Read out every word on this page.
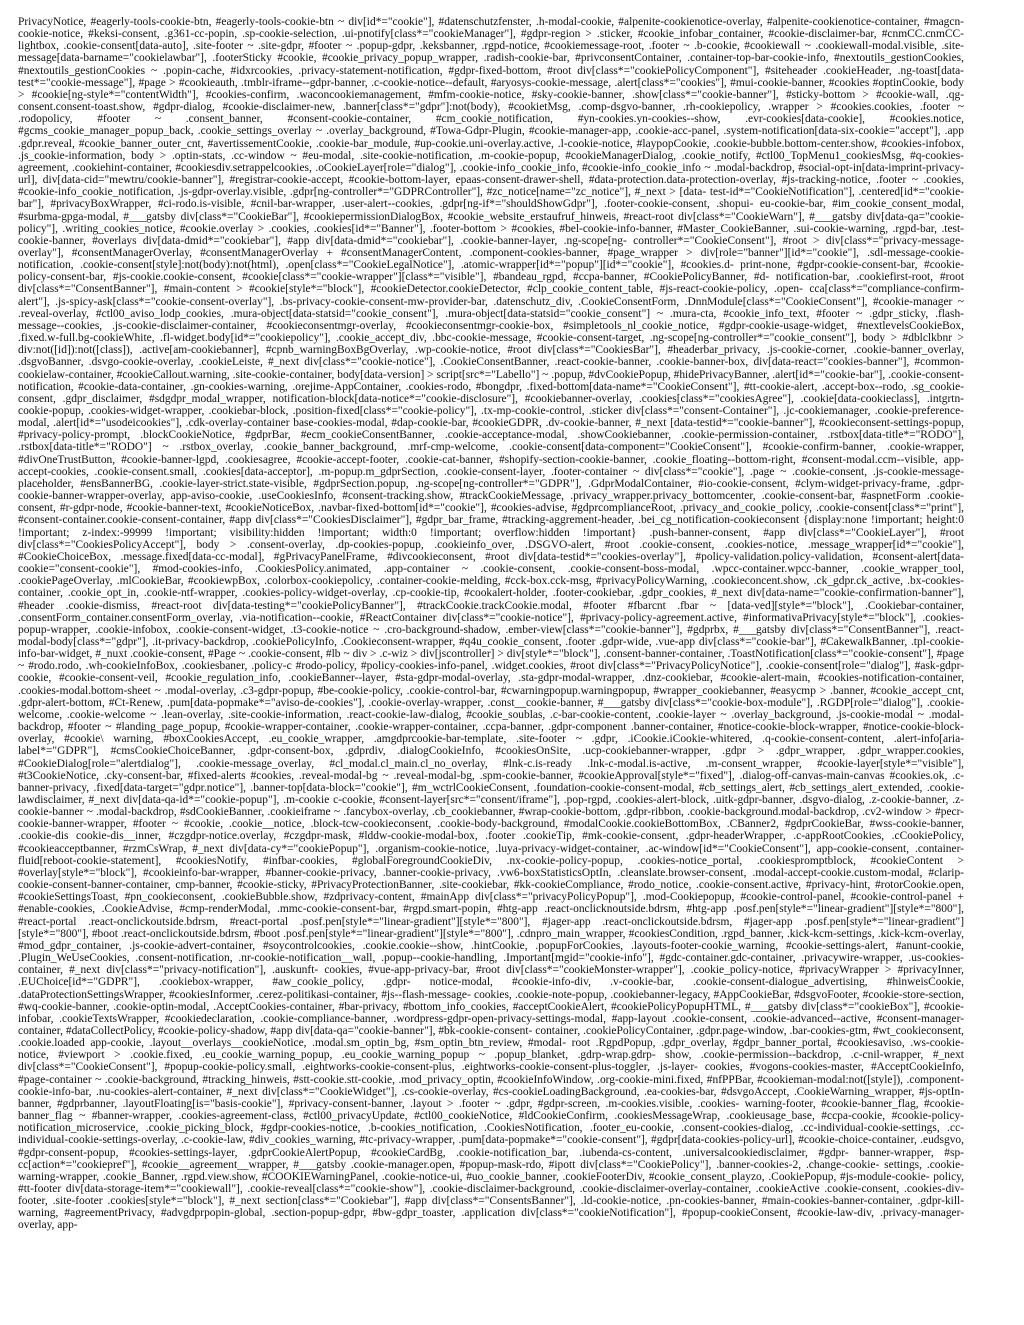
PrivacyNotice, #eagerly-tools-cookie-btn, #eagerly-tools-cookie-btn ~ div[id*="cookie"], #datenschutzfenster, .h-modal-cookie, #alpenite-cookienotice-overlay, #alpenite-cookienotice-container, #magcn-cookie-notice, #keksi-consent, .g361-cc-popin, .sp-cookie-selection, .ui-pnotify[class*="cookieManager"], #gdpr-region > .sticker, #cookie_infobar_container, #cookie-disclaimer-bar, #cnmCC.cnmCC-lightbox, .cookie-consent[data-auto], .site-footer ~ .site-gdpr, #footer ~ .popup-gdpr, .keksbanner, .rgpd-notice, #cookiemessage-root, .footer ~ .b-cookie, #cookiewall ~ .cookiewall-modal.visible, .site-message[data-barname="cookielawbar"], .footerSticky #cookie, #cookie_privacy_popup_wrapper, .radish-cookie-bar, #privconsentContainer, .container-top-bar-cookie-info, #nextoutils_gestionCookies, #nextoutils_gestionCookies ~ .popin-cache, #idxrcookies, .privacy-statement-notification, #gdpr-fixed-bottom, #root div[class*="cookiePolicyComponent"], #siteheader .cookieHeader, .ng-toast[data-test*="cookie-message"], #page > #cookieauth, .tmblr-iframe--gdpr-banner, .c-cookie-notice--default, #aryosys-cookie-message, .alert[class*="cookies"], #mui-cookie-banner, #cookies #optinCookie, body > #cookie[ng-style*="contentWidth"], #cookies-confirm, .waconcookiemanagement, #mfm-cookie-notice, #sky-cookie-banner, .show[class*="cookie-banner"], #sticky-bottom > #cookie-wall, .qg-consent.consent-toast.show, #gdpr-dialog, #cookie-disclaimer-new, .banner[class*="gdpr"]:not(body), #cookietMsg, .comp-dsgvo-banner, .rh-cookiepolicy, .wrapper > #cookies.cookies, .footer ~ .rodopolicy, #footer ~ .consent_banner, #consent-cookie-container, #cm_cookie_notification, #yn-cookies.yn-cookies--show, .evr-cookies[data-cookie], #cookies.notice, #gcms_cookie_manager_popup_back, .cookie_settings_overlay ~ .overlay_background, #Towa-Gdpr-Plugin, #cookie-manager-app, .cookie-acc-panel, .system-notification[data-six-cookie="accept"], .app .gdpr.reveal, #cookie_banner_outer_cnt, #avertissementCookie, .cookie-bar_module, #up-cookie.uni-overlay.active, .l-cookie-notice, #laypopCookie, .cookie-bubble.bottom-center.show, #cookies-infobox, .js_cookie-information, body > .optin-stats, .cc-window ~ #eu-modal, .site-cookie-notification, .m-cookie-popup, #cookieManagerDialog, .cookie_notify, #ctl00_TopMenu1_cookiesMsg, #q-cookies-agreement, .cookiehint-container, #cookiesdiv.setrappelcookies, .oCookieLayer[role="dialog"], .cookie-info_cookie_info, #cookie-info_cookie_info ~ .modal-backdrop, #social-opt-in[data-imprint-privacy-url], div[data-cid="mewtru/cookie-banner"], #registrar-cookie-accept, #cookie-bottom-layer, epaas-consent-drawer-shell, #data-protection.data-protection-overlay, #js-tracking-notice, .footer ~ .cookies, #cookie-info_cookie_notification, .js-gdpr-overlay.visible, .gdpr[ng-controller*="GDPRController"], #zc_notice[name="zc_notice"], #_next > [data- test-id*="CookieNotification"], .centered[id*="cookie-bar"], #privacyBoxWrapper, #ci-rodo.is-visible, #cnil-bar-wrapper, .user-alert--cookies, .gdpr[ng-if*="shouldShowGdpr"], .footer-cookie-consent, .shopui- eu-cookie-bar, #im_cookie_consent_modal, #surbma-gpga-modal, #___gatsby div[class*="CookieBar"], #cookiepermissionDialogBox, #cookie_website_erstaufruf_hinweis, #react-root div[class*="CookieWarn"], #___gatsby div[data-qa="cookie-policy"], .writing_cookies_notice, #cookie.overlay > .cookies, .cookies[id*="Banner"], .footer-bottom > #cookies, #bel-cookie-info-banner, #Master_CookieBanner, .sui-cookie-warning, .rgpd-bar, .test-cookie-banner, #overlays div[data-dmid*="cookiebar"], #app div[data-dmid*="cookiebar"], .cookie-banner-layer, .ng-scope[ng- controller*="CookieConsent"], #root > div[class*="privacy-message-overlay"], #consentManagerOverlay, #consentManagerOverlay + #consentManagerContent, .component-cookies-banner, #page_wrapper > div[role="banner"][id*="cookie"], .sdl-message-cookie-notification, .cookie-consent[style]:not(body):not(html), .open[class*="CookieLegalNotice"], .atomic-wrapper[id*="popup"][id*="cookie"], #cookies.d- print-none, #gdpr-cookie-consent-bar, #cookie-policy-consent-bar, #js-cookie.cookie-consent, #cookie[class*="cookie-wrapper"][class*="visible"], #bandeau_rgpd, #ccpa-banner, #CookiePolicyBanner, #d- notification-bar, .cookiefirst-root, #root div[class*="ConsentBanner"], #main-content > #cookie[style*="block"], #cookieDetector.cookieDetector, #clp_cookie_content_table, #js-react-cookie-policy, .open- cca[class*="compliance-confirm-alert"], .js-spicy-ask[class*="cookie-consent-overlay"], .bs-privacy-cookie-consent-mw-provider-bar, .datenschutz_div, .CookieConsentForm, .DnnModule[class*="CookieConsent"], #cookie-manager ~ .reveal-overlay, #ctl00_aviso_lodp_cookies, .mura-object[data-statsid="cookie_consent"], .mura-object[data-statsid="cookie_consent"] ~ .mura-cta, #cookie_info_text, #footer ~ .gdpr_sticky, .flash-message--cookies, .js-cookie-disclaimer-container, #cookieconsentmgr-overlay, #cookieconsentmgr-cookie-box, #simpletools_nl_cookie_notice, #gdpr-cookie-usage-widget, #nextlevelsCookieBox, .fixed.w-full.bg-cookieWhite, .fl-widget.body[id*="cookiepolicy"], .cookie_accept_div, .bbc-cookie-message, #cookie-consent-target, .ng-scope[ng-controller*="cookie_consent"], body > #dblclkbnr > div:not([id]):not([class]), .active[am-cookiebanner], #cpnb_warningBoxBgOverlay, .wp-cookie-notice, #root div[class*="CookiesBar"], #headerbar_privacy, .js-cookie-corner, .cookie-banner_overlay, .dsgvoBanner, .dsvgo-cookie-overlay, .cookieLeiste, #_next div[class*="cookie-notice"], .CookieConsentBanner, .react-cookie-banner, .cookie-banner-box, div[data-react="cookies-banner"], #common-cookielaw-container, #cookieCallout.warning, .site-cookie-container, body[data-version] > script[src*="Labello"] ~ .popup, #dvCookiePopup, #hidePrivacyBanner, .alert[id*="cookie-bar"], .cookie-consent-notification, #cookie-data-container, .gn-cookies-warning, .orejime-AppContainer, .cookies-rodo, #bongdpr, .fixed-bottom[data-name*="CookieConsent"], #tt-cookie-alert, .accept-box--rodo, .sg_cookie-consent, .gdpr_disclaimer, #sdgdpr_modal_wrapper, notification-block[data-notice*="cookie-disclosure"], #cookiebanner-overlay, .cookies[class*="cookiesAgree"], .cookie[data-cookieclass], .intgrtn-cookie-popup, .cookies-widget-wrapper, .cookiebar-block, .position-fixed[class*="cookie-policy"], .tx-mp-cookie-control, .sticker div[class*="consent-Container"], .jc-cookiemanager, .cookie-preference-modal, .alert[id*="usodeicookies"], .cdk-overlay-container base-cookies-modal, #dap-cookie-bar, #cookieGDPR, .dv-cookie-banner, #_next [data-testid*="cookie-banner"], #cookieconsent-settings-popup, #privacy-policy-prompt, .blockCookieNotice, #gdprBar, #ecm_cookieConsentBanner, .cookie-acceptance-modal, .showCookiebanner, .cookie-permission-container, .rstbox[data-title*="RODO"], .rstbox[data-title*="RODO"] ~ .rstbox_overlay, .cookie_banner_background, .mrf-cmp-welcome, .cookie-consent[data-component="CookieConsent"], #cookie-confirm-banner, .cookie-wrapper, #divOneTrustButton, #cookie-banner-lgpd, .cookiesagree, #cookie-accept-footer, .cookie-cat-banner, #shopify-section-cookie-banner, .cookie_floating--bottom-right, #consent-modal.ccm--visible, app-accept-cookies, .cookie-consent.small, .cookies[data-acceptor], .m-popup.m_gdprSection, .cookie-consent-layer, .footer-container ~ div[class*="cookie"], .page ~ .cookie-consent, .js-cookie-message-placeholder, #ensBannerBG, .cookie-layer-strict.state-visible, #gdprSection.popup, .ng-scope[ng-controller*="GDPR"], .GdprModalContainer, #io-cookie-consent, #clym-widget-privacy-frame, .gdpr-cookie-banner-wrapper-overlay, app-aviso-cookie, .useCookiesInfo, #consent-tracking.show, #trackCookieMessage, .privacy_wrapper.privacy_bottomcenter, .cookie-consent-bar, #aspnetForm .cookie-consent, #r-gdpr-node, #cookie-banner-text, #cookieNoticeBox, .navbar-fixed-bottom[id*="cookie"], #cookies-advise, #gdprcomplianceRoot, .privacy_and_cookie_policy, .cookie-consent[class*="print"], #consent-container.cookie-consent-container, #app div[class*="CookiesDisclaimer"], #gdpr_bar_frame, #tracking-aggrement-header, .bei_cg_notification-cookieconsent {display:none !important; height:0 !important; z-index:-99999 !important; visibility:hidden !important; width:0 !important; overflow:hidden !important} .push-banner-consent, #app div[class*="CookieLayer"], #root div[class*="CookiesPolicyAccept"], body > .consent-overlay, .dp-cookies-popup, .cookieinfo_over, .DSGVO-alert, #root .cookie-consent, .cookies-notice, .message_wrapper[id*="cookie"], #CookieChoiceBox, .message.fixed[data-cc-modal], #gPrivacyPanelFrame, #divcookieconsent, #root div[data-testid*="cookies-overlay"], #policy-validation.policy-validation, #consent-alert[data-cookie="consent-cookie"], #mod-cookies-info, .CookiesPolicy.animated, .app-container ~ .cookie-consent, .cookie-consent-boss-modal, .wpcc-container.wpcc-banner, .cookie_wrapper_tool, .cookiePageOverlay, .mlCookieBar, #cookiewpBox, .colorbox-cookiepolicy, .container-cookie-melding, #cck-box.cck-msg, #privacyPolicyWarning, .cookieconcent.show, .ck_gdpr.ck_active, .bx-cookies-container, .cookie_opt_in, .cookie-ntf-wrapper, .cookies-policy-widget-overlay, .cp-cookie-tip, #cookalert-holder, .footer-cookiebar, .gdpr_cookies, #_next div[data-name="cookie-confirmation-banner"], #header .cookie-dismiss, #react-root div[data-testing*="cookiePolicyBanner"], #trackCookie.trackCookie.modal, #footer #fbarcnt .fbar ~ [data-ved][style*="block"], .Cookiebar-container, .consentForm_container.consentForm_overlay, .via-notification--cookie, #ReactContainer div[class*="cookie-notice"], #privacy-policy-agreement.active, #informativaPrivacy[style*="block"], .cookies-popup-wrapper, .cookie-infobox, .cookie-consent-widget, .t3-cookie-notice ~ .cro-background-shadow, .ember-view[class*="cookie-banner"], #gdprbx, #___gatsby div[class*="ConsentBanner"], .react-modal-body[class*="gdpr"], .it-privacy-backdrop, .cookiePolicyInfo, .Cookieconsent-wrapper, #q4u_cookie_consent, .footer .gdpr-wide, .vue-app div[class*="cookie-bar"], #CakewalkBanner, .tpl-cookie-info-bar-widget, #_nuxt .cookie-consent, #Page ~ .cookie-consent, #lb ~ div > .c-wiz > div[jscontroller] > div[style*="block"], .consent-banner-container, .ToastNotification[class*="cookie-consent"], #page ~ #rodo.rodo, .wh-cookieInfoBox, .cookiesbaner, .policy-c #rodo-policy, #policy-cookies-info-panel, .widget.cookies, #root div[class*="PrivacyPolicyNotice"], .cookie-consent[role="dialog"], #ask-gdpr-cookie, #cookie-consent-veil, #cookie_regulation_info, .cookieBanner--layer, #sta-gdpr-modal-overlay, .sta-gdpr-modal-wrapper, .dnz-cookiebar, #cookie-alert-main, #cookies-notification-container, .cookies-modal.bottom-sheet ~ .modal-overlay, .c3-gdpr-popup, #be-cookie-policy, .cookie-control-bar, #cwarningpopup.warningpopup, #wrapper_cookiebanner, #easycmp > .banner, #cookie_accept_cnt, .gdpr-alert-bottom, #Ct-Renew, .pum[data-popmake*="aviso-de-cookies"], .cookie-overlay-wrapper, .const__cookie-banner, #___gatsby div[class*="cookie-box-module"], .RGDP[role="dialog"], .cookie-welcome, .cookie-welcome ~ .lean-overlay, .site-cookie-information, .react-cookie-law-dialog, #cookie_soublas, .c-bar-cookie-content, .cookie-layer ~ .overlay_background, .js-cookie-modal ~ .modal-backdrop, #footer ~ #landing_page_popup, #cookie-wrapper-container, .cookie-wrapper-container, .ccpa-banner, .gdpr-component .banner-container, #notice-cookie-block-wrapper, #notice-cookie-block-overlay, #cookie\ warning, #boxCookiesAccept, .eu_cookie_wrapper, .amgdprcookie-bar-template, .site-footer ~ .gdpr, .iCookie.iCookie-whitered, .q-cookie-consent-content, .alert-info[aria-label*="GDPR"], #cmsCookieChoiceBanner, .gdpr-consent-box, .gdprdiv, .dialogCookieInfo, #cookiesOnSite, .ucp-cookiebanner-wrapper, .gdpr > .gdpr_wrapper, .gdpr_wrapper.cookies, #CookieDialog[role="alertdialog"], .cookie-message_overlay, #cl_modal.cl_main.cl_no_overlay, #lnk-c.is-ready .lnk-c-modal.is-active, .m-consent_wrapper, #cookie-layer[style*="visible"], #t3CookieNotice, .cky-consent-bar, #fixed-alerts #cookies, .reveal-modal-bg ~ .reveal-modal-bg, .spm-cookie-banner, #cookieApproval[style*="fixed"], .dialog-off-canvas-main-canvas #cookies.ok, .c-banner-privacy, .fixed[data-target="gdpr.notice"], .banner-top[data-block="cookie"], #m_wctrlCookieConsent, .foundation-cookie-consent-modal, #cb_settings_alert, #cb_settings_alert_extended, .cookie-lawdisclaimer, #_next div[data-qa-id*="cookie-popup"], .m-cookie c-cookie, #consent-layer[src*="consent/iframe"], .pop-rgpd, .cookies-alert-block, .uitk-gdpr-banner, .dsgvo-dialog, .z-cookie-banner, .z-cookie-banner ~ .modal-backdrop, #sdCookieBanner, .cookieiframe ~ .fancybox-overlay, .cb_cookiebanner, #wrap-cookie-bottom, .gdpr-ribbon, .cookie-background.modal-backdrop, .cv2-window > #pecr-cookie-banner-wrapper, #footer ~ #cookie, .cookie__notice, .block-tcw-cookieconsent, .cookie-body-background, #modalCookie.cookieBottomBox, .CBanner2, #gdprCookieBar, #wss-cookie-banner, .cookie-dis cookie-dis__inner, #czgdpr-notice.overlay, #czgdpr-mask, #lddw-cookie-modal-box, .footer .cookieTip, #mk-cookie-consent, .gdpr-headerWrapper, .c-appRootCookies, .cCookiePolicy, #cookieacceptbanner, #rzmCsWrap, #_next div[data-cy*="cookiePopup"], .organism-cookie-notice, .luya-privacy-widget-container, .ac-window[id*="CookieConsent"], app-cookie-consent, .container-fluid[reboot-cookie-statement], #cookiesNotify, #infbar-cookies, #globalForegroundCookieDiv, .nx-cookie-policy-popup, .cookies-notice_portal, .cookiespromptblock, #cookieContent > #overlay[style*="block"], #cookieinfo-bar-wrapper, #banner-cookie-privacy, .banner-cookie-privacy, .vw6-boxStatisticsOptIn, .cleanslate.browser-consent, .modal-accept-cookie.custom-modal, #clarip-cookie-consent-banner-container, cmp-banner, #cookie-sticky, #PrivacyProtectionBanner, .site-cookiebar, #kk-cookieCompliance, #rodo_notice, .cookie-consent.active, #privacy-hint, #rotorCookie.open, #cookieSettingsToast, #pn_cookieconsent, .cookieBubble.show, #zdprivacy-content, #mainApp div[class*="privacyPolicyPopup"], .mod-Cookiepopup, #cookie-control-panel, #cookie-control-panel + #enable-cookies, .CookieAdvise, #cmp-renderModal, .mmc-cookie-consent-bar, #rgpd.smart-popin, #htg-app .react-onclicknoutside.bdrsm, #htg-app .posf.pen[style*="linear-gradient"][style*="800"], #react-portal .react-onclickoutside.bdrsm, #react-portal .posf.pen[style*="linear-gradient"][style*="800"], #jager-app .react-onclickoutside.bdrsm, #jager-app .posf.pen[style*="linear-gradient"][style*="800"], #boot .react-onclickoutside.bdrsm, #boot .posf.pen[style*="linear-gradient"][style*="800"], .cdnpro_main_wrapper, #cookiesCondition, .rgpd_banner, .kick-kcm-settings, .kick-kcm-overlay, #mod_gdpr_container, .js-cookie-advert-container, #soycontrolcookies, .cookie.cookie--show, .hintCookie, .popupForCookies, .layouts-footer-cookie_warning, #cookie-settings-alert, #anunt-cookie, .Plugin_WeUseCookies, .consent-notification, .nr-cookie-notification__wall, .popup--cookie-handling, .Important[mgid="cookie-info"], #gdc-container.gdc-container, .privacywire-wrapper, .us-cookies-container, #_next div[class*="privacy-notification"], .auskunft- cookies, #vue-app-privacy-bar, #root div[class*="cookieMonster-wrapper"], .cookie_policy-notice, #privacyWrapper > #privacyInner, .EUChoice[id*="GDPR"], .cookiebox-wrapper, #aw_cookie_policy, .gdpr- notice-modal, #cookie-info-div, .v-cookie-bar, .cookie-consent-dialogue_advertising, #hinweisCookie, .dataProtectionSettingsWrapper, #cookiesInformer, .cerez-politikasi-container, #js--flash-message- cookies, .cookie-note-popup, .cookiebanner-legacy, #AppCookieBar, #dsgvoFooter, #cookie-store-section, #wq-cookie-banner, .cookie-optin-modal, .AcceptCookies-container, #bar-privacy, #bottom_info_cookies, #acceptCookieAlert, #cookiePolicyPopupHTML, #___gatsby div[class*="cookieBox"], #cookie-infobar, .cookieTextsWrapper, #cookiedeclaration, .cookie-compliance-banner, .wordpress-gdpr-open-privacy-settings-modal, #app-layout .cookie-consent, .cookie-advanced--active, #consent-manager-container, #dataCollectPolicy, #cookie-policy-shadow, #app div[data-qa="cookie-banner"], #bk-cookie-consent- container, .cookiePolicyContainer, .gdpr.page-window, .bar-cookies-gtm, #wt_cookieconsent, .cookie.loaded app-cookie, .layout__overlays__cookieNotice, .modal.sm_optin_bg, #sm_optin_btn_review, #modal- root .RgpdPopup, .gdpr_overlay, #gdpr_banner_portal, #cookiesaviso, .ws-cookie-notice, #viewport > .cookie.fixed, .eu_cookie_warning_popup, .eu_cookie_warning_popup ~ .popup_blanket, .gdrp-wrap.gdrp- show, .cookie-permission--backdrop, .c-cnil-wrapper, #_next div[class*="CookieConsent"], #popup-cookie-policy.small, .eightworks-cookie-consent-plus, .eightworks-cookie-consent-plus-toggler, .js-layer- cookies, #vogons-cookies-master, #AcceptCookieInfo, #page-container ~ .cookie-background, #tracking_hinweis, #stt-cookie.stt-cookie, .mod_privacy_optin, #cookieInfoWindow, .org-cookie-mini.fixed, #nfPPBar, #cookieman-modal:not([style]), .component-cookie-info-bar, .nu-cookies-alert-container, #_next div[class*="CookieWidget"], .cs-cookie-overlay, #cs-cookieLoadingBackground, .ea-cookies-bar, #dsvgoAccept, .CookieWarning_wrapper, #js-optIn-banner, #gdprbanner, .layoutFloating[is="basis-cookie"], #privacy-consent-banner, .layout > .footer ~ .gdpr, #gdpr-screen, .m-cookies.visible, .cookies- warning-footer, #cookie-banner_flag, #cookie-banner_flag ~ #banner-wrapper, .cookies-agreement-class, #ctl00_privacyUpdate, #ctl00_cookieNotice, #ldCookieConfirm, .cookiesMessageWrap, .cookieusage_base, #ccpa-cookie, #cookie-policy-notification_microservice, .cookie_picking_block, #gdpr-cookies-notice, .b-cookies_notification, .CookiesNotification, .footer_eu-cookie, .consent-cookies-dialog, .cc-individual-cookie-settings, .cc-individual-cookie-settings-overlay, .c-cookie-law, #div_cookies_warning, #tc-privacy-wrapper, .pum[data-popmake*="cookie-consent"], #gdpr[data-cookies-policy-url], #cookie-choice-container, .eudsgvo, #gdpr-consent-popup, #cookies-settings-layer, .gdprCookieAlertPopup, #cookieCardBg, .cookie-notification_bar, .iubenda-cs-content, .universalcookiedisclaimer, #gdpr- banner-wrapper, #sp-cc[action*="cookiepref"], #cookie__agreement__wrapper, #___gatsby .cookie-manager.open, #popup-mask-rdo, #ipott div[class*="CookiePolicy"], .banner-cookies-2, .change-cookie- settings, .cookie-warning-wrapper, .cookie_Banner, .rgpd.view.show, #COOKIEWarningPanel, .cookie-notice-ui, #uo_cookie_banner, .cookieFooterDiv, #cookie_consent_playzo, .CookiePopup, #js-module-cookie- policy, #tt-footer div[data-storage-item*="cookiewall"], .cookie-reveal[class*="cookie-show"], .cookie-disclaimer-background, .cookie-disclaimer-overlay-container, .cookieActive .cookie-consent, .cookies-div- footer, .site-footer .cookies[style*="block"], #_next section[class*="Cookiebar"], #app div[class*="ConsentsBanner"], .ld-cookie-notice, .pn-cookies-banner, #main-cookies-banner-container, .gdpr-kill-warning, #agreementPrivacy, #advgdprpopin-global, .section-popup-gdpr, #bw-gdpr_toaster, .application div[class*="cookieNotification"], #popup-cookieConsent, #cookie-law-div, .privacy-manager-overlay, app-
